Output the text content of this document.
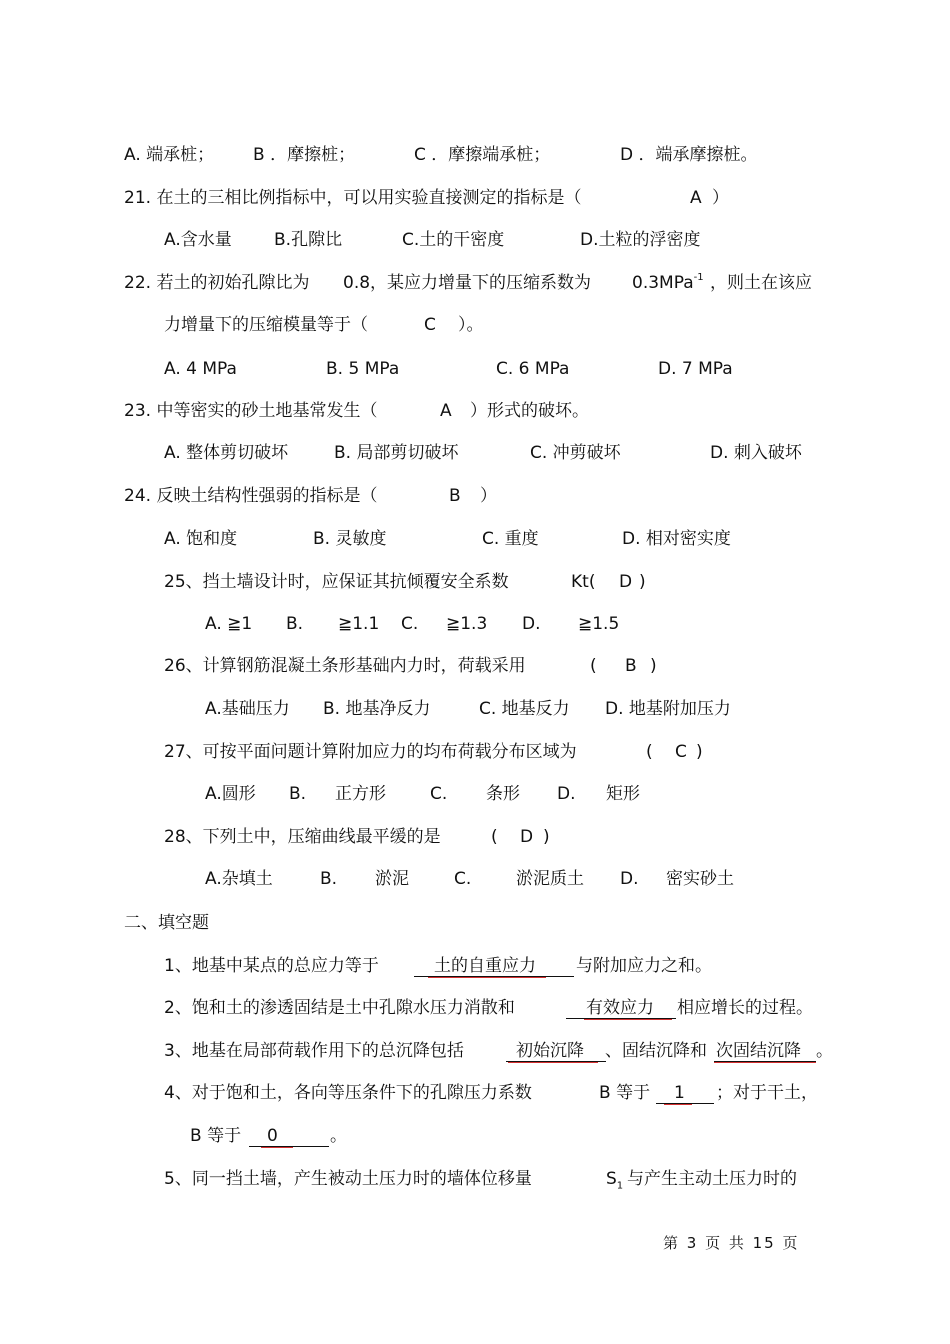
A. 端承桩； B ．摩擦桩；	C ．摩擦端承桩；	D ．端承摩擦桩。
21. 在土的三相比例指标中，可以用实验直接测定的指标是（	A ）
A.含水量 B.孔隙比	C.土的干密度	D.土粒的浮密度
22. 若土的初始孔隙比为 0.8 ，某应力增量下的压缩系数为 0.3MPa$^{-1}$ ，则土在该应
力增量下的压缩模量等于（	C ）。
A. 4 MPa	B. 5 MPa	C. 6 MPa	D. 7 MPa
23. 中等密实的砂土地基常发生（	A ）形式的破坏。
A. 整体剪切破坏	B. 局部剪切破坏	C. 冲剪破坏	D. 刺入破坏
24. 反映土结构性强弱的指标是（	B ）
A. 饱和度	B. 灵敏度	C. 重度	D. 相对密实度
25、挡土墙设计时，应保证其抗倾覆安全系数	Kt( D )
A. ≧1 B. ≧1.1 C. ≧1.3 D. ≧1.5
26、计算钢筋混凝土条形基础内力时，荷载采用	( B )
A.基础压力 B. 地基净反力	C. 地基反力 D. 地基附加压力
27、可按平面问题计算附加应力的均布荷载分布区域为	( C )
A.圆形 B. 正方形	C. 条形 D. 矩形
28、下列土中，压缩曲线最平缓的是	( D )
A.杂填土	B. 淤泥	C.	淤泥质土 D. 密实砂土
二、填空题
1、地基中某点的总应力等于	土的自重应力 与附加应力之和。
2、饱和土的渗透固结是土中孔隙水压力消散和	有效应力 相应增长的过程。
3、地基在局部荷载作用下的总沉降包括	初始沉降 、固结沉降和 次固结沉降 。
4、对于饱和土，各向等压条件下的孔隙压力系数	B 等于 1 ；对于干土，
B 等于 0	。
5、同一挡土墙，产生被动土压力时的墙体位移量	$S_1$ 与产生主动土压力时的
第 3 页 共 15 页
